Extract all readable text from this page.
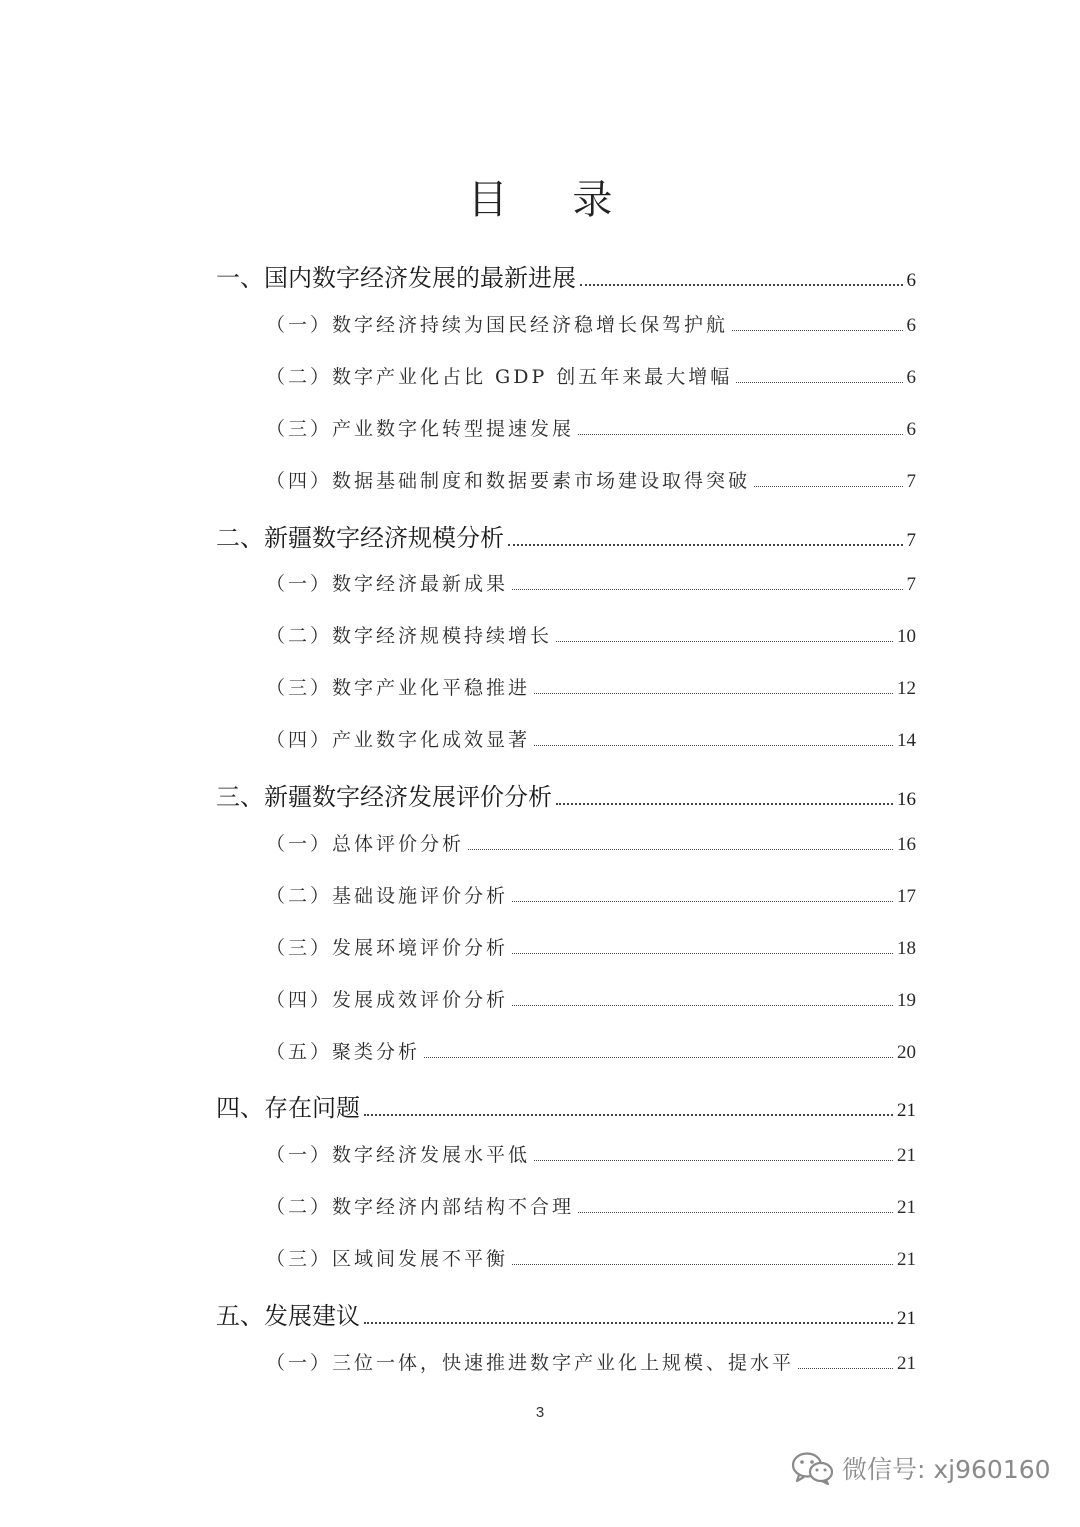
目 录
一、国内数字经济发展的最新进展	6
（一）数字经济持续为国民经济稳增长保驾护航	6
（二）数字产业化占比 GDP 创五年来最大增幅	6
（三）产业数字化转型提速发展	6
（四）数据基础制度和数据要素市场建设取得突破	7
二、新疆数字经济规模分析	7
（一）数字经济最新成果	7
（二）数字经济规模持续增长	10
（三）数字产业化平稳推进	12
（四）产业数字化成效显著	14
三、新疆数字经济发展评价分析	16
（一）总体评价分析	16
（二）基础设施评价分析	17
（三）发展环境评价分析	18
（四）发展成效评价分析	19
（五）聚类分析	20
四、存在问题	21
（一）数字经济发展水平低	21
（二）数字经济内部结构不合理	21
（三）区域间发展不平衡	21
五、发展建议	21
（一）三位一体，快速推进数字产业化上规模、提水平	21
3
微信号: xj960160
